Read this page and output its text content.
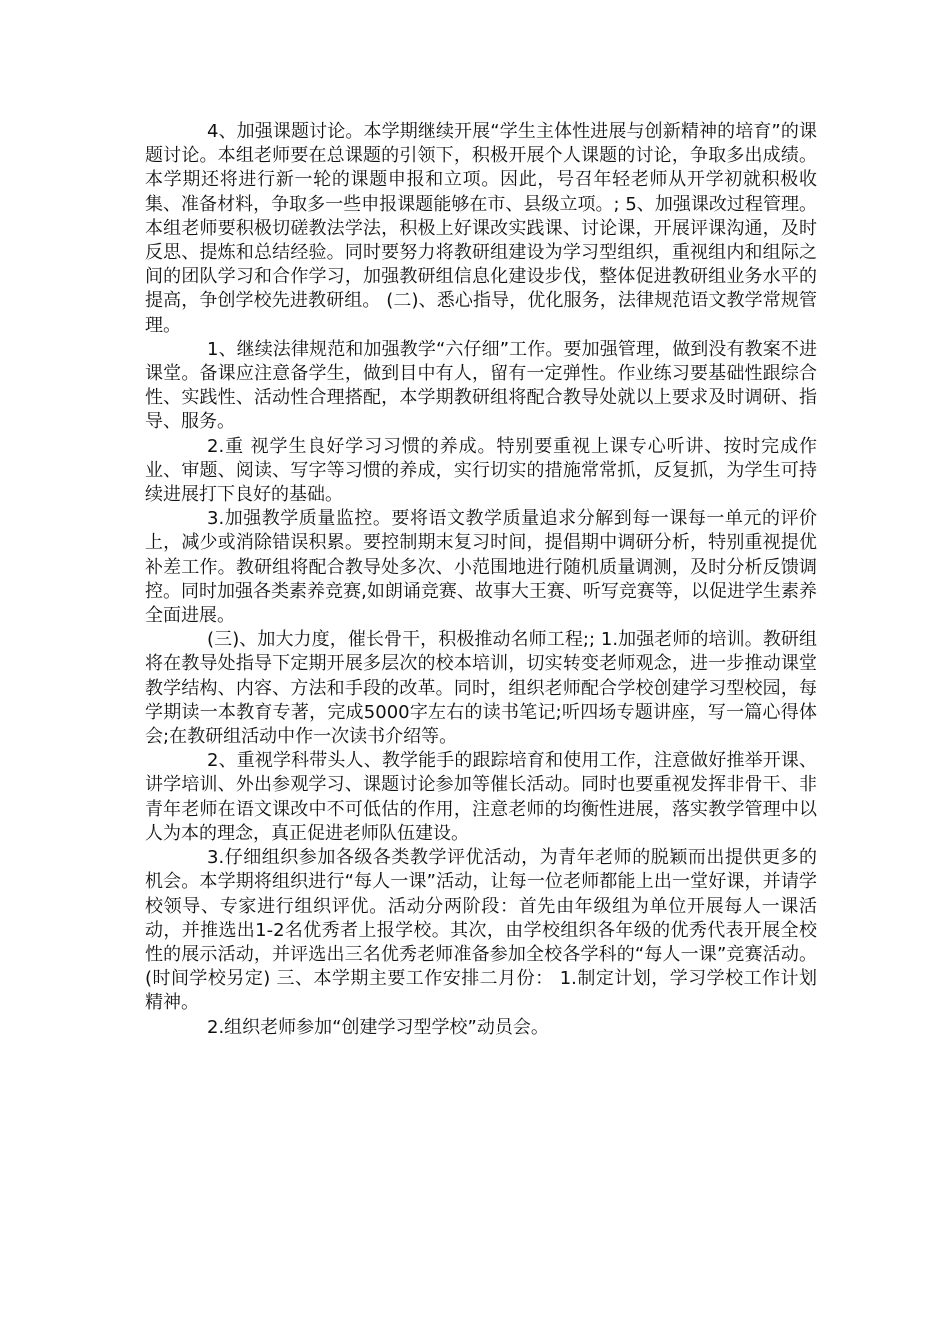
4、加强课题讨论。本学期继续开展“学生主体性进展与创新精神的培育”的课题讨论。本组老师要在总课题的引领下，积极开展个人课题的讨论，争取多出成绩。本学期还将进行新一轮的课题申报和立项。因此，号召年轻老师从开学初就积极收集、准备材料，争取多一些申报课题能够在市、县级立项。; 5、加强课改过程管理。本组老师要积极切磋教法学法，积极上好课改实践课、讨论课，开展评课沟通，及时反思、提炼和总结经验。同时要努力将教研组建设为学习型组织，重视组内和组际之间的团队学习和合作学习，加强教研组信息化建设步伐，整体促进教研组业务水平的提高，争创学校先进教研组。 (二)、悉心指导，优化服务，法律规范语文教学常规管理。

1、继续法律规范和加强教学“六仔细”工作。要加强管理，做到没有教案不进课堂。备课应注意备学生，做到目中有人，留有一定弹性。作业练习要基础性跟综合性、实践性、活动性合理搭配，本学期教研组将配合教导处就以上要求及时调研、指导、服务。

2.重 视学生良好学习习惯的养成。特别要重视上课专心听讲、按时完成作业、审题、阅读、写字等习惯的养成，实行切实的措施常常抓，反复抓，为学生可持续进展打下良好的基础。

3.加强教学质量监控。要将语文教学质量追求分解到每一课每一单元的评价上，减少或消除错误积累。要控制期末复习时间，提倡期中调研分析，特别重视提优补差工作。教研组将配合教导处多次、小范围地进行随机质量调测，及时分析反馈调控。同时加强各类素养竞赛,如朗诵竞赛、故事大王赛、听写竞赛等，以促进学生素养全面进展。

(三)、加大力度，催长骨干，积极推动名师工程;; 1.加强老师的培训。教研组将在教导处指导下定期开展多层次的校本培训，切实转变老师观念，进一步推动课堂教学结构、内容、方法和手段的改革。同时，组织老师配合学校创建学习型校园，每学期读一本教育专著，完成5000字左右的读书笔记;听四场专题讲座，写一篇心得体会;在教研组活动中作一次读书介绍等。

2、重视学科带头人、教学能手的跟踪培育和使用工作，注意做好推举开课、讲学培训、外出参观学习、课题讨论参加等催长活动。同时也要重视发挥非骨干、非青年老师在语文课改中不可低估的作用，注意老师的均衡性进展，落实教学管理中以人为本的理念，真正促进老师队伍建设。

3.仔细组织参加各级各类教学评优活动，为青年老师的脱颖而出提供更多的机会。本学期将组织进行“每人一课”活动，让每一位老师都能上出一堂好课，并请学校领导、专家进行组织评优。活动分两阶段：首先由年级组为单位开展每人一课活动，并推选出1-2名优秀者上报学校。其次，由学校组织各年级的优秀代表开展全校性的展示活动，并评选出三名优秀老师准备参加全校各学科的“每人一课”竞赛活动。(时间学校另定) 三、本学期主要工作安排二月份： 1.制定计划，学习学校工作计划精神。

2.组织老师参加“创建学习型学校”动员会。
